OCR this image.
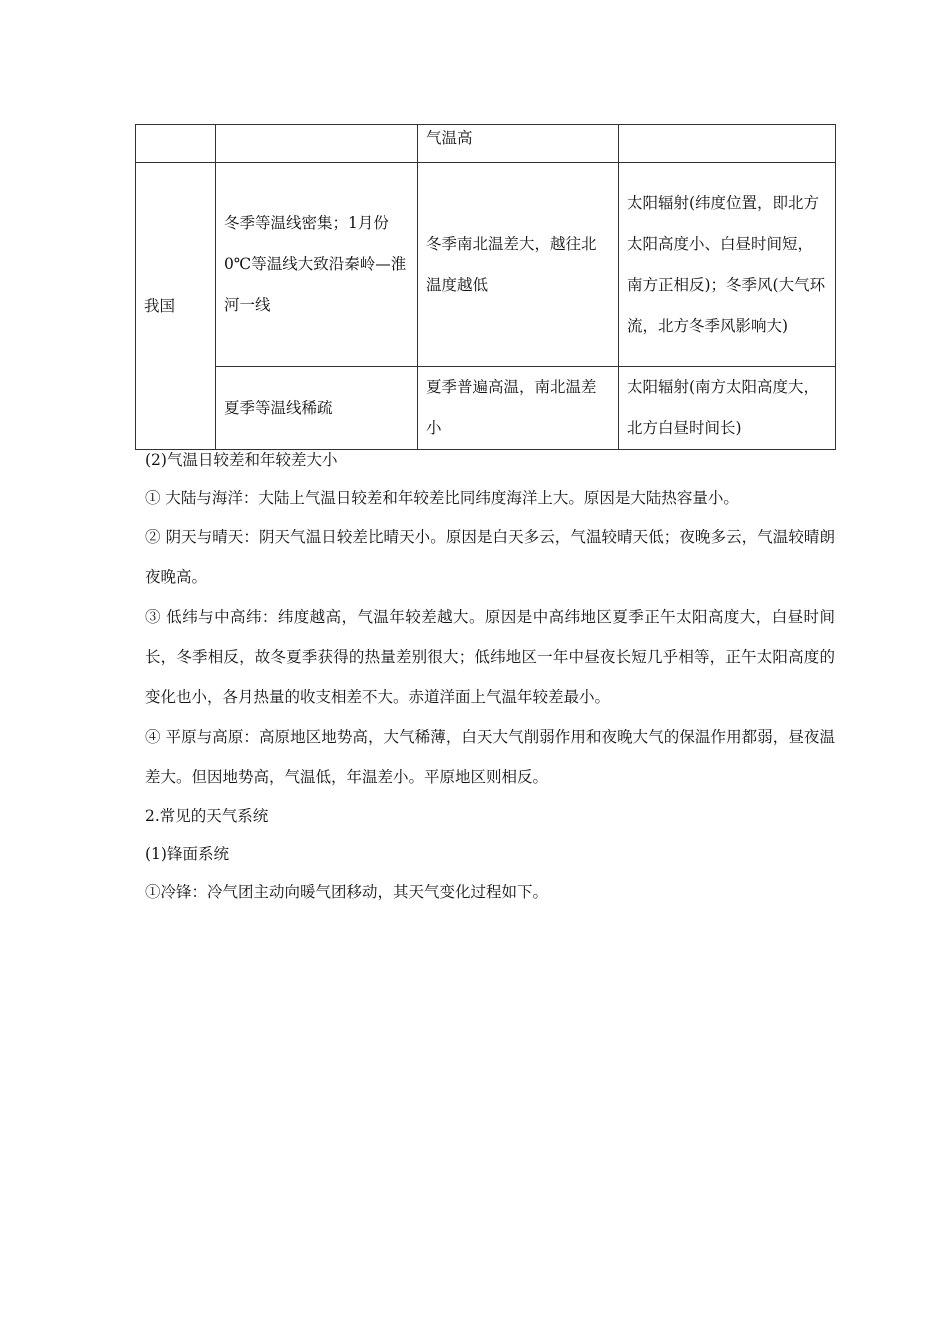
		气温高	
我国	冬季等温线密集；1月份0℃等温线大致沿秦岭—淮河一线	冬季南北温差大，越往北温度越低	太阳辐射(纬度位置，即北方太阳高度小、白昼时间短，南方正相反)；冬季风(大气环流，北方冬季风影响大)
	夏季等温线稀疏	夏季普遍高温，南北温差小	太阳辐射(南方太阳高度大，北方白昼时间长)

(2)气温日较差和年较差大小

① 大陆与海洋：大陆上气温日较差和年较差比同纬度海洋上大。原因是大陆热容量小。

② 阴天与晴天：阴天气温日较差比晴天小。原因是白天多云，气温较晴天低；夜晚多云，气温较晴朗夜晚高。

③ 低纬与中高纬：纬度越高，气温年较差越大。原因是中高纬地区夏季正午太阳高度大，白昼时间长，冬季相反，故冬夏季获得的热量差别很大；低纬地区一年中昼夜长短几乎相等，正午太阳高度的变化也小，各月热量的收支相差不大。赤道洋面上气温年较差最小。

④ 平原与高原：高原地区地势高，大气稀薄，白天大气削弱作用和夜晚大气的保温作用都弱，昼夜温差大。但因地势高，气温低，年温差小。平原地区则相反。

2.常见的天气系统

(1)锋面系统

①冷锋：冷气团主动向暖气团移动，其天气变化过程如下。
